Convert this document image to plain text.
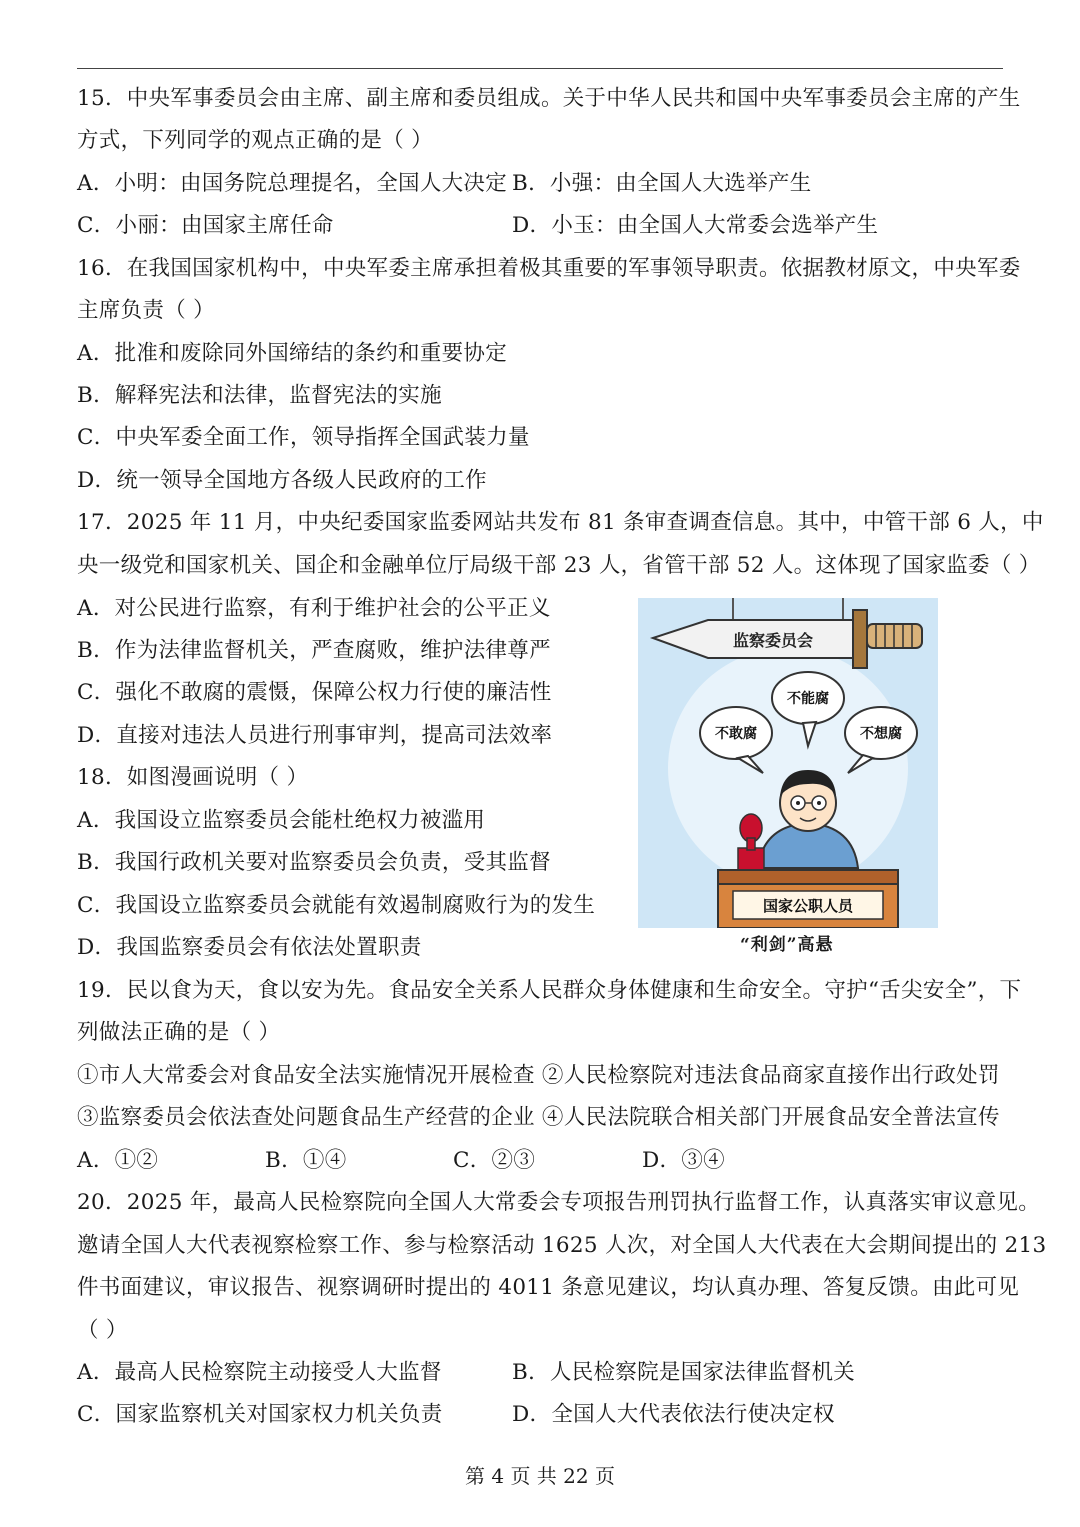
15．中央军事委员会由主席、副主席和委员组成。关于中华人民共和国中央军事委员会主席的产生
方式，下列同学的观点正确的是（ ）
A．小明：由国务院总理提名，全国人大决定 B．小强：由全国人大选举产生
C．小丽：由国家主席任命	D．小玉：由全国人大常委会选举产生
16．在我国国家机构中，中央军委主席承担着极其重要的军事领导职责。依据教材原文，中央军委
主席负责（ ）
A．批准和废除同外国缔结的条约和重要协定
B．解释宪法和法律，监督宪法的实施
C．中央军委全面工作，领导指挥全国武装力量
D．统一领导全国地方各级人民政府的工作
17．2025 年 11 月，中央纪委国家监委网站共发布 81 条审查调查信息。其中，中管干部 6 人，中
央一级党和国家机关、国企和金融单位厅局级干部 23 人，省管干部 52 人。这体现了国家监委（ ）
A．对公民进行监察，有利于维护社会的公平正义
B．作为法律监督机关，严查腐败，维护法律尊严
C．强化不敢腐的震慑，保障公权力行使的廉洁性
D．直接对违法人员进行刑事审判，提高司法效率
18．如图漫画说明（ ）
A．我国设立监察委员会能杜绝权力被滥用
B．我国行政机关要对监察委员会负责，受其监督
C．我国设立监察委员会就能有效遏制腐败行为的发生
D．我国监察委员会有依法处置职责
监察委员会
不敢腐
不能腐
不想腐
国家公职人员
“利剑”高悬
19．民以食为天，食以安为先。食品安全关系人民群众身体健康和生命安全。守护“舌尖安全”，下
列做法正确的是（ ）
①市人大常委会对食品安全法实施情况开展检查 ②人民检察院对违法食品商家直接作出行政处罚
③监察委员会依法查处问题食品生产经营的企业 ④人民法院联合相关部门开展食品安全普法宣传
A．①②	B．①④	C．②③	D．③④
20．2025 年，最高人民检察院向全国人大常委会专项报告刑罚执行监督工作，认真落实审议意见。
邀请全国人大代表视察检察工作、参与检察活动 1625 人次，对全国人大代表在大会期间提出的 213
件书面建议，审议报告、视察调研时提出的 4011 条意见建议，均认真办理、答复反馈。由此可见
（ ）
A．最高人民检察院主动接受人大监督	B．人民检察院是国家法律监督机关
C．国家监察机关对国家权力机关负责	D．全国人大代表依法行使决定权
第 4 页 共 22 页
